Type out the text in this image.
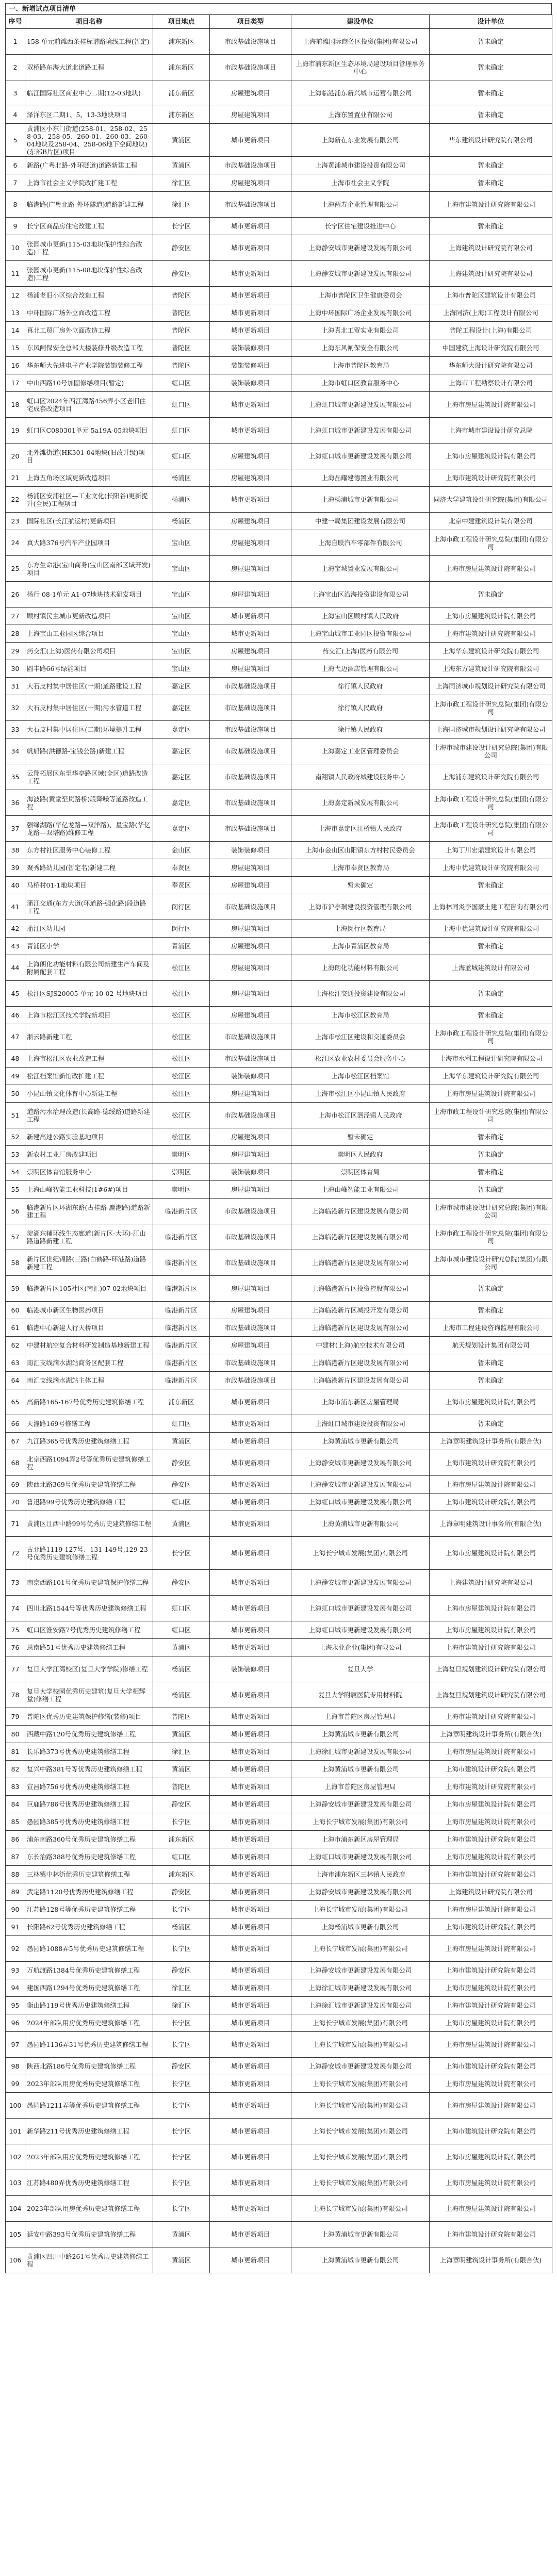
一、新增试点项目清单
序号	项目名称	项目地点	项目类型	建设单位	设计单位
1	158 单元前滩西条桂标谱路境线工程(暂定)	浦东新区	市政基础设施项目	上海前滩国际商务区投资(集团)有限公司	暂未确定
2	双桥路东海大道北道路工程	浦东新区	市政基础设施项目	上海市浦东新区生态环境局建设项目管理事务中心	暂未确定
3	临江国际社区商业中心二期(12-03地块)	浦东新区	房屋建筑项目	上海临港浦东新兴城市运营有限公司	暂未确定
4	泽洋东区二期1、5、13-3地块项目	浦东新区	房屋建筑项目	上海东置置业有限公司	暂未确定
5	黄浦区小东门街道(258-01、258-02、258-03、258-05、260-01、260-03、260-04地块及258-04、258-06地下空间地块)(东部B片区)项目	黄浦区	城市更新项目	上海新在东业发展有限公司	华东建筑设计研究院有限公司
6	新路(广粤北路-外环隧道)道路新建工程	黄浦区	市政基础设施项目	上海黄浦城市建设投资有限公司	暂未确定
7	上海市社会主义学院改扩建工程	徐汇区	房屋建筑项目	上海市社会主义学院	暂未确定
8	临港路(广粤北路-外环隧道)道路新建工程	徐汇区	市政基础设施项目	上海两寿企业管理有限公司	上海市建筑设计研究院有限公司
9	长宁区商品房住宅改建工程	长宁区	城市更新项目	长宁区住宅建设推进中心	暂未确定
10	张园城市更新(115-03地块保护性综合改造)工程	静安区	城市更新项目	上海静安城市更新建设发展有限公司	上海建筑设计研究院有限公司
11	张园城市更新(115-08地块保护性综合改造)工程	静安区	城市更新项目	上海静安城市更新建设发展有限公司	上海建筑设计研究院有限公司
12	杨浦老旧小区综合改造工程	普陀区	城市更新项目	上海市普陀区卫生健康委员会	上海市普陀区建筑设计有限公司
13	中环国际广场外立面改造工程	普陀区	城市更新项目	上海中环国际广场企业发展有限公司	上海同济(上海)工程设计有限公司
14	真北工贸厂房外立面改造工程	普陀区	城市更新项目	上海真北工贸实业有限公司	普陀工程设计(上海)有限公司
15	东风闸保安全总部大楼装修升级改造工程	普陀区	装饰装修项目	上海东风闸保安全有限公司	中国建筑上海设计研究院有限公司
16	华东师大先进电子产业学院装饰装修工程	普陀区	装饰装修项目	上海市普陀区教育局	华东师大设计研究院有限公司
17	中山西路10号加固修缮项目(暂定)	虹口区	装饰装修项目	上海市虹口区教育服务中心	上海市工程勘察设计有限公司
18	虹口区2024年西江湾路456弄小区老旧住宅成套改造项目	虹口区	城市更新项目	上海虹口城市更新建设发展有限公司	上海市房屋建筑设计院有限公司
19	虹口区C080301单元 5a19A-05地块项目	虹口区	城市更新项目	上海虹口城市更新建设发展有限公司	上海市城市建设设计研究总院
20	北外滩街道(HK301-04地块(旧改升级)项目	虹口区	房屋建筑项目	上海虹口城市更新建设发展有限公司	上海市房屋建筑设计院有限公司
21	上海五角场区域更新改造项目	杨浦区	房屋建筑项目	上海晶耀建德置业有限公司	上海市建筑设计研究院有限公司
22	杨浦区安浦社区—工业文化(长阳谷)更新提升(全民)工程项目	杨浦区	城市更新项目	上海杨浦城市更新有限公司	同济大学建筑设计研究院(集团)有限公司
23	国际社区(长江航运村)更新项目	杨浦区	房屋建筑项目	中建一局集团建设发展有限公司	北京中建建筑设计院有限公司
24	真大路376号汽车产业园项目	宝山区	房屋建筑项目	上海自联汽车零部件有限公司	上海市政工程设计研究总院(集团)有限公司
25	东方生命港(宝山商务(宝山区南部区域开发)项目	宝山区	房屋建筑项目	上海宝城置业发展有限公司	上海市房屋建筑设计院有限公司
26	杨行 08-1单元 A1-07地块技术研发项目	宝山区	房屋建筑项目	上海宝山区沿海投资建设有限公司	暂未确定
27	顾村镇民主城市更新改造项目	宝山区	城市更新项目	上海宝山区顾村镇人民政府	上海市房屋建筑设计院有限公司
28	上海宝山工业园区综合项目	宝山区	城市更新项目	上海宝山城市工业园区投资有限公司	上海市建筑设计研究院有限公司
29	药交汇(上海)医药有限公司项目	宝山区	房屋建筑项目	药交汇(上海)医药有限公司	上海华东建筑设计研究院有限公司
30	圆丰路66号绿能项目	宝山区	房屋建筑项目	上海弋迈酒店管理有限公司	上海东方建筑设计研究院有限公司
31	大石皮村集中居住区(一期)道路建设工程	嘉定区	市政基础设施项目	徐行镇人民政府	上海同济城市规划设计研究院有限公司
32	大石皮村集中居住区(一期)污水管道工程	嘉定区	市政基础设施项目	徐行镇人民政府	上海市政工程设计研究总院(集团)有限公司
33	大石皮村集中居住区(二期)环境提升工程	嘉定区	市政基础设施项目	徐行镇人民政府	上海同济城市规划设计研究院有限公司
34	帆船路(洪德路-宝钱公路)新建工程	嘉定区	市政基础设施项目	上海嘉定工业区管理委员会	上海市城市建设设计研究总院(集团)有限公司
35	云翔拓展区东至华亭路区域(全区)道路改造工程	嘉定区	市政基础设施项目	南翔镇人民政府城建设服务中心	上海浦东建筑设计研究院有限公司
36	海波路(黄堂至岚路桥)段降噪等道路改造工程	嘉定区	市政基础设施项目	上海嘉定新城发展有限公司	上海市政工程设计研究总院(集团)有限公司
37	强绿湖路(华亿龙路—双洋路)、星宝路(华亿龙路—双塔路)维修工程	嘉定区	市政基础设施项目	上海市嘉定区江桥镇人民政府	上海市政工程设计研究总院(集团)有限公司
38	东方村社区服务中心装修工程	金山区	装饰装修项目	上海市金山区山阳镇东方村村民委员会	上海丁川宏鼎建筑设计有限公司
39	聚秀路幼儿园(暂定名)新建工程	奉贤区	房屋建筑项目	上海市奉贤区教育局	上海中优建筑设计研究院有限公司
40	马桥村01-1地块项目	奉贤区	房屋建筑项目	暂未确定	暂未确定
41	蒲江交通(东方大道(环道路-强化路)段道路工程	闵行区	市政基础设施项目	上海市沪亭瑞建设投资管理有限公司	上海林同炎李国豪土建工程咨询有限公司
42	蒲江区幼儿园	闵行区	房屋建筑项目	上海闵行区教育局	上海中优建筑设计研究院有限公司
43	青浦区小学	青浦区	房屋建筑项目	上海市青浦区教育局	暂未确定
44	上海朗化功能材料有限公司新建生产车间及附属配套工程	松江区	房屋建筑项目	上海朗化功能材料有限公司	上海蓝城建筑设计有限公司
45	松江区SJS20005 单元 10-02 号地块项目	松江区	房屋建筑项目	上海松江交通投资建设有限公司	暂未确定
46	上海市松江区技术学院新项目	松江区	房屋建筑项目	上海市松江区教育局	暂未确定
47	浙云路新建工程	松江区	市政基础设施项目	上海市松江区建设和交通委员会	上海市政工程设计研究总院(集团)有限公司
48	上海市松江区农业改造工程	松江区	市政基础设施项目	松江区农业农村委员会服务中心	上海市水利工程设计研究院有限公司
49	松江档案馆新馆改扩建工程	松江区	装饰装修项目	上海市松江区档案馆	上海华东建筑设计研究院有限公司
50	小昆山镇文化体育中心新建工程	松江区	房屋建筑项目	上海市松江区小昆山镇人民政府	上海市房屋建筑设计院有限公司
51	道路污水治理改造(长高路-德绥路)道路新建工程	松江区	市政基础设施项目	上海市松江区泗泾镇人民政府	上海市政工程设计研究总院(集团)有限公司
52	新建高速公路实验基地项目	松江区	房屋建筑项目	暂未确定	暂未确定
53	新农村工业厂房改建项目	崇明区	房屋建筑项目	崇明区人民政府	暂未确定
54	崇明区体育馆服务中心	崇明区	装饰装修项目	崇明区体育局	暂未确定
55	上海山峰智能工业科技(1#6#)项目	崇明区	房屋建筑项目	上海山峰智能工业有限公司	暂未确定
56	临港新片区环湖东路(古桂路-鹿港路)道路新建工程	临港新片区	市政基础设施项目	上海临港新片区建设发展有限公司	上海市城市建设设计研究总院(集团)有限公司
57	淀湖东辅环线生态廊道(新片区-大环)-江山路道路新建工程	临港新片区	市政基础设施项目	上海临港新片区建设发展有限公司	上海市政工程设计研究总院(集团)有限公司
58	新片区世纪锦路(三路(白鹤路-环港路)道路新建工程	临港新片区	市政基础设施项目	上海临港新片区建设发展有限公司	上海市城市建设设计研究总院(集团)有限公司
59	临港新片区105社区(南汇)07-02地块项目	临港新片区	房屋建筑项目	上海临港新片区投资控股有限公司	暂未确定
60	临港城市新区生物医药项目	临港新片区	房屋建筑项目	上海临港新片区城投开发有限公司	暂未确定
61	临港中心新建人行天桥项目	临港新片区	市政基础设施项目	上海临港新片区建设发展有限公司	上海市工程建设咨询监理有限公司
62	中建材航空复合材料研发制造基地新建工程	临港新片区	房屋建筑项目	中建材(上海)航空技术有限公司	航天规划设计集团有限公司
63	南汇支线滴水湖站商务区配套工程	临港新片区	市政基础设施项目	上海临港新片区建设发展有限公司	暂未确定
64	南汇支线滴水湖站主体工程	临港新片区	市政基础设施项目	上海临港新片区建设发展有限公司	暂未确定
65	高新路165-167号优秀历史建筑修缮工程	浦东新区	城市更新项目	上海市浦东新区房屋管理局	上海市房屋建筑设计院有限公司
66	天潼路169号修缮工程	虹口区	城市更新项目	上海虹口城市建设投资有限公司	暂未确定
67	九江路365号优秀历史建筑修缮工程	黄浦区	城市更新项目	上海黄浦城市更新有限公司	上海章明建筑设计事务所(有限合伙)
68	北京西路1094弄2号等优秀历史建筑修缮工程	静安区	城市更新项目	上海静安城市更新建设发展有限公司	上海市建筑设计研究院有限公司
69	陕西北路369号优秀历史建筑修缮工程	静安区	城市更新项目	上海静安城市更新建设发展有限公司	上海市房屋建筑设计院有限公司
70	鲁迅路99号优秀历史建筑修缮工程	虹口区	城市更新项目	上海虹口城市更新建设发展有限公司	上海市建筑设计研究院有限公司
71	黄浦区江西中路99号优秀历史建筑修缮工程	黄浦区	城市更新项目	上海黄浦城市更新有限公司	上海章明建筑设计事务所(有限合伙)
72	古北路1119-127号、131-149号,129-23号优秀历史建筑修缮工程	长宁区	城市更新项目	上海长宁城市发展(集团)有限公司	上海市房屋建筑设计院有限公司
73	南京西路101号优秀历史建筑保护修缮工程	静安区	城市更新项目	上海静安城市更新建设发展有限公司	上海建筑设计研究院有限公司
74	四川北路1544号等优秀历史建筑修缮工程	虹口区	城市更新项目	上海虹口城市更新建设发展有限公司	上海市房屋建筑设计院有限公司
75	虹口区淮安路7号优秀历史建筑修缮工程	虹口区	城市更新项目	上海虹口城市更新建设发展有限公司	上海市房屋建筑设计院有限公司
76	思南路51号优秀历史建筑修缮工程	黄浦区	城市更新项目	上海永业企业(集团)有限公司	上海市建筑设计研究院有限公司
77	复旦大学江湾校区(复旦大学学院)修缮工程	杨浦区	装饰装修项目	复旦大学	上海复旦规划建筑设计研究院有限公司
78	复旦大学校园优秀历史建筑(复旦大学相辉堂)修缮工程	杨浦区	城市更新项目	复旦大学附属医院专用材料院	上海复旦规划建筑设计研究院有限公司
79	普陀区优秀历史建筑保护修缮(装修)项目	普陀区	城市更新项目	上海市普陀区房屋管理局	上海市建筑设计研究院有限公司
80	西藏中路120号优秀历史建筑修缮工程	黄浦区	城市更新项目	上海黄浦城市更新有限公司	上海章明建筑设计事务所(有限合伙)
81	长乐路373号优秀历史建筑修缮工程	徐汇区	城市更新项目	上海徐汇城市更新建设发展有限公司	上海市房屋建筑设计院有限公司
82	复兴中路381号等优秀历史建筑修缮工程	黄浦区	城市更新项目	上海黄浦城市更新有限公司	上海市建筑设计研究院有限公司
83	宣昌路756号优秀历史建筑修缮工程	普陀区	城市更新项目	上海市普陀区房屋管理局	上海市建筑设计研究院有限公司
84	巨鹿路786号优秀历史建筑修缮工程	静安区	城市更新项目	上海静安城市更新建设发展有限公司	上海市房屋建筑设计院有限公司
85	愚园路385号优秀历史建筑修缮工程	长宁区	城市更新项目	上海长宁城市发展(集团)有限公司	上海市房屋建筑设计院有限公司
86	浦东南路360号优秀历史建筑修缮工程	浦东新区	城市更新项目	上海市浦东新区房屋管理局	上海市建筑设计研究院有限公司
87	东长治路388号优秀历史建筑修缮工程	虹口区	城市更新项目	上海虹口城市更新建设发展有限公司	上海市房屋建筑设计院有限公司
88	三林镇中林街优秀历史建筑修缮工程	浦东新区	城市更新项目	上海市浦东新区三林镇人民政府	上海市建筑设计研究院有限公司
89	武定路1120号优秀历史建筑修缮工程	静安区	城市更新项目	上海静安城市更新建设发展有限公司	上海建筑设计研究院有限公司
90	江苏路128号等优秀历史建筑修缮工程	长宁区	城市更新项目	上海长宁城市发展(集团)有限公司	上海市房屋建筑设计院有限公司
91	长阳路62号优秀历史建筑修缮工程	杨浦区	城市更新项目	上海杨浦城市更新有限公司	上海市建筑设计研究院有限公司
92	愚园路1088弄5号优秀历史建筑修缮工程	长宁区	城市更新项目	上海长宁城市发展(集团)有限公司	上海市房屋建筑设计院有限公司
93	万航渡路1384号优秀历史建筑修缮工程	静安区	城市更新项目	上海静安城市更新建设发展有限公司	上海市建筑设计研究院有限公司
94	建国西路1294号优秀历史建筑修缮工程	徐汇区	城市更新项目	上海徐汇城市更新建设发展有限公司	上海市房屋建筑设计院有限公司
95	衡山路119号优秀历史建筑修缮工程	徐汇区	城市更新项目	上海徐汇城市更新建设发展有限公司	上海市建筑设计研究院有限公司
96	2024年部队用房优秀历史建筑修缮工程	长宁区	城市更新项目	上海长宁城市发展(集团)有限公司	上海市房屋建筑设计院有限公司
97	愚园路1136弄31号优秀历史建筑修缮工程	长宁区	城市更新项目	上海长宁城市发展(集团)有限公司	上海市房屋建筑设计院有限公司
98	陕西北路186号优秀历史建筑修缮工程	静安区	城市更新项目	上海静安城市更新建设发展有限公司	上海市建筑设计研究院有限公司
99	2023年部队用房优秀历史建筑修缮工程	长宁区	城市更新项目	上海长宁城市发展(集团)有限公司	上海市房屋建筑设计院有限公司
100	愚园路1211弄等优秀历史建筑修缮工程	长宁区	城市更新项目	上海长宁城市发展(集团)有限公司	上海市房屋建筑设计院有限公司
101	新华路211号优秀历史建筑修缮工程	长宁区	城市更新项目	上海长宁城市发展(集团)有限公司	上海市建筑设计研究院有限公司
102	2023年部队用房优秀历史建筑修缮工程	长宁区	城市更新项目	上海长宁城市发展(集团)有限公司	上海市房屋建筑设计院有限公司
103	江苏路480弄优秀历史建筑修缮工程	长宁区	城市更新项目	上海长宁城市发展(集团)有限公司	上海市房屋建筑设计院有限公司
104	2023年部队用房优秀历史建筑修缮工程	长宁区	城市更新项目	上海长宁城市发展(集团)有限公司	上海市房屋建筑设计院有限公司
105	延安中路393号优秀历史建筑修缮工程	黄浦区	城市更新项目	上海黄浦城市更新有限公司	上海市建筑设计研究院有限公司
106	黄浦区四川中路261号优秀历史建筑修缮工程	黄浦区	城市更新项目	上海黄浦城市更新有限公司	上海章明建筑设计事务所(有限合伙)
